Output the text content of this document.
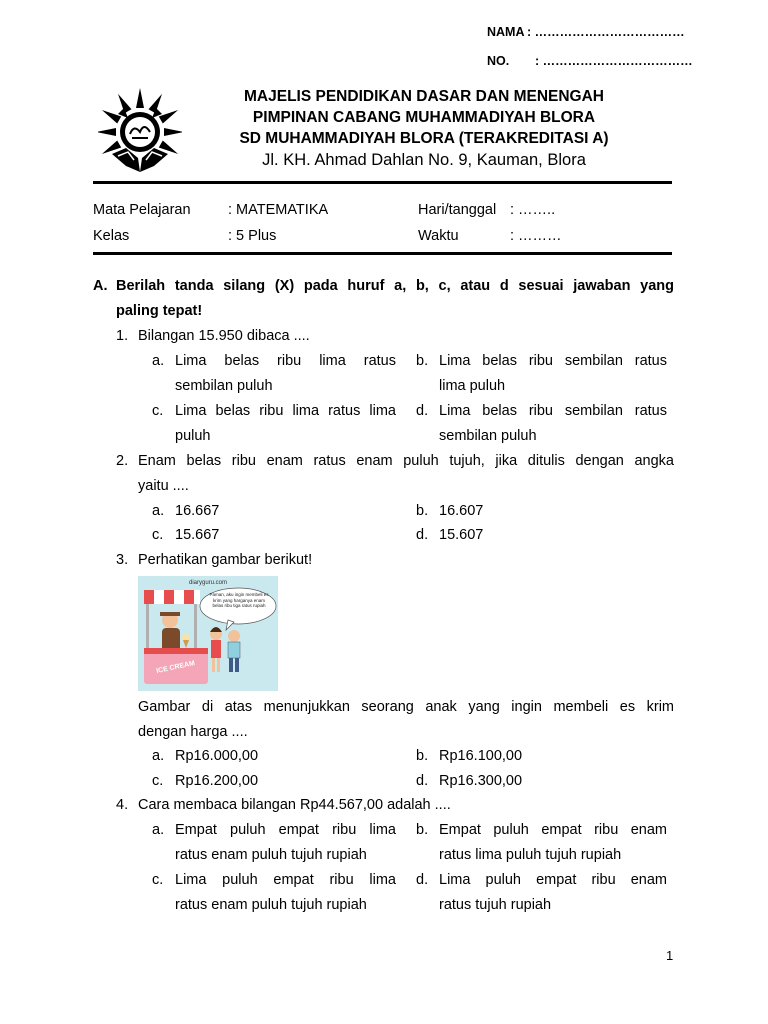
NAMA : ………………………………
NO. : ………………………………
MAJELIS PENDIDIKAN DASAR DAN MENENGAH
PIMPINAN CABANG MUHAMMADIYAH BLORA
SD MUHAMMADIYAH BLORA (TERAKREDITASI A)
Jl. KH. Ahmad Dahlan No. 9, Kauman, Blora
Mata Pelajaran	: MATEMATIKA	Hari/tanggal : ……..
Kelas	: 5 Plus	Waktu	: ………
A. Berilah tanda silang (X) pada huruf a, b, c, atau d sesuai jawaban yang
paling tepat!
1. Bilangan 15.950 dibaca ....
a. Lima belas ribu lima ratus
sembilan puluh
b. Lima belas ribu sembilan ratus
lima puluh
c. Lima belas ribu lima ratus lima
puluh
d. Lima belas ribu sembilan ratus
sembilan puluh
2. Enam belas ribu enam ratus enam puluh tujuh, jika ditulis dengan angka
yaitu ....
a. 16.667	b. 16.607
c. 15.667	d. 15.607
3. Perhatikan gambar berikut!
diaryguru.com
Paman, aku ingin membeli es krim yang harganya enam belas ribu tiga ratus rupiah
ICE CREAM
Gambar di atas menunjukkan seorang anak yang ingin membeli es krim
dengan harga ....
a. Rp16.000,00	b. Rp16.100,00
c. Rp16.200,00	d. Rp16.300,00
4. Cara membaca bilangan Rp44.567,00 adalah ....
a. Empat puluh empat ribu lima
ratus enam puluh tujuh rupiah
b. Empat puluh empat ribu enam
ratus lima puluh tujuh rupiah
c. Lima puluh empat ribu lima
ratus enam puluh tujuh rupiah
d. Lima puluh empat ribu enam
ratus tujuh rupiah
1
